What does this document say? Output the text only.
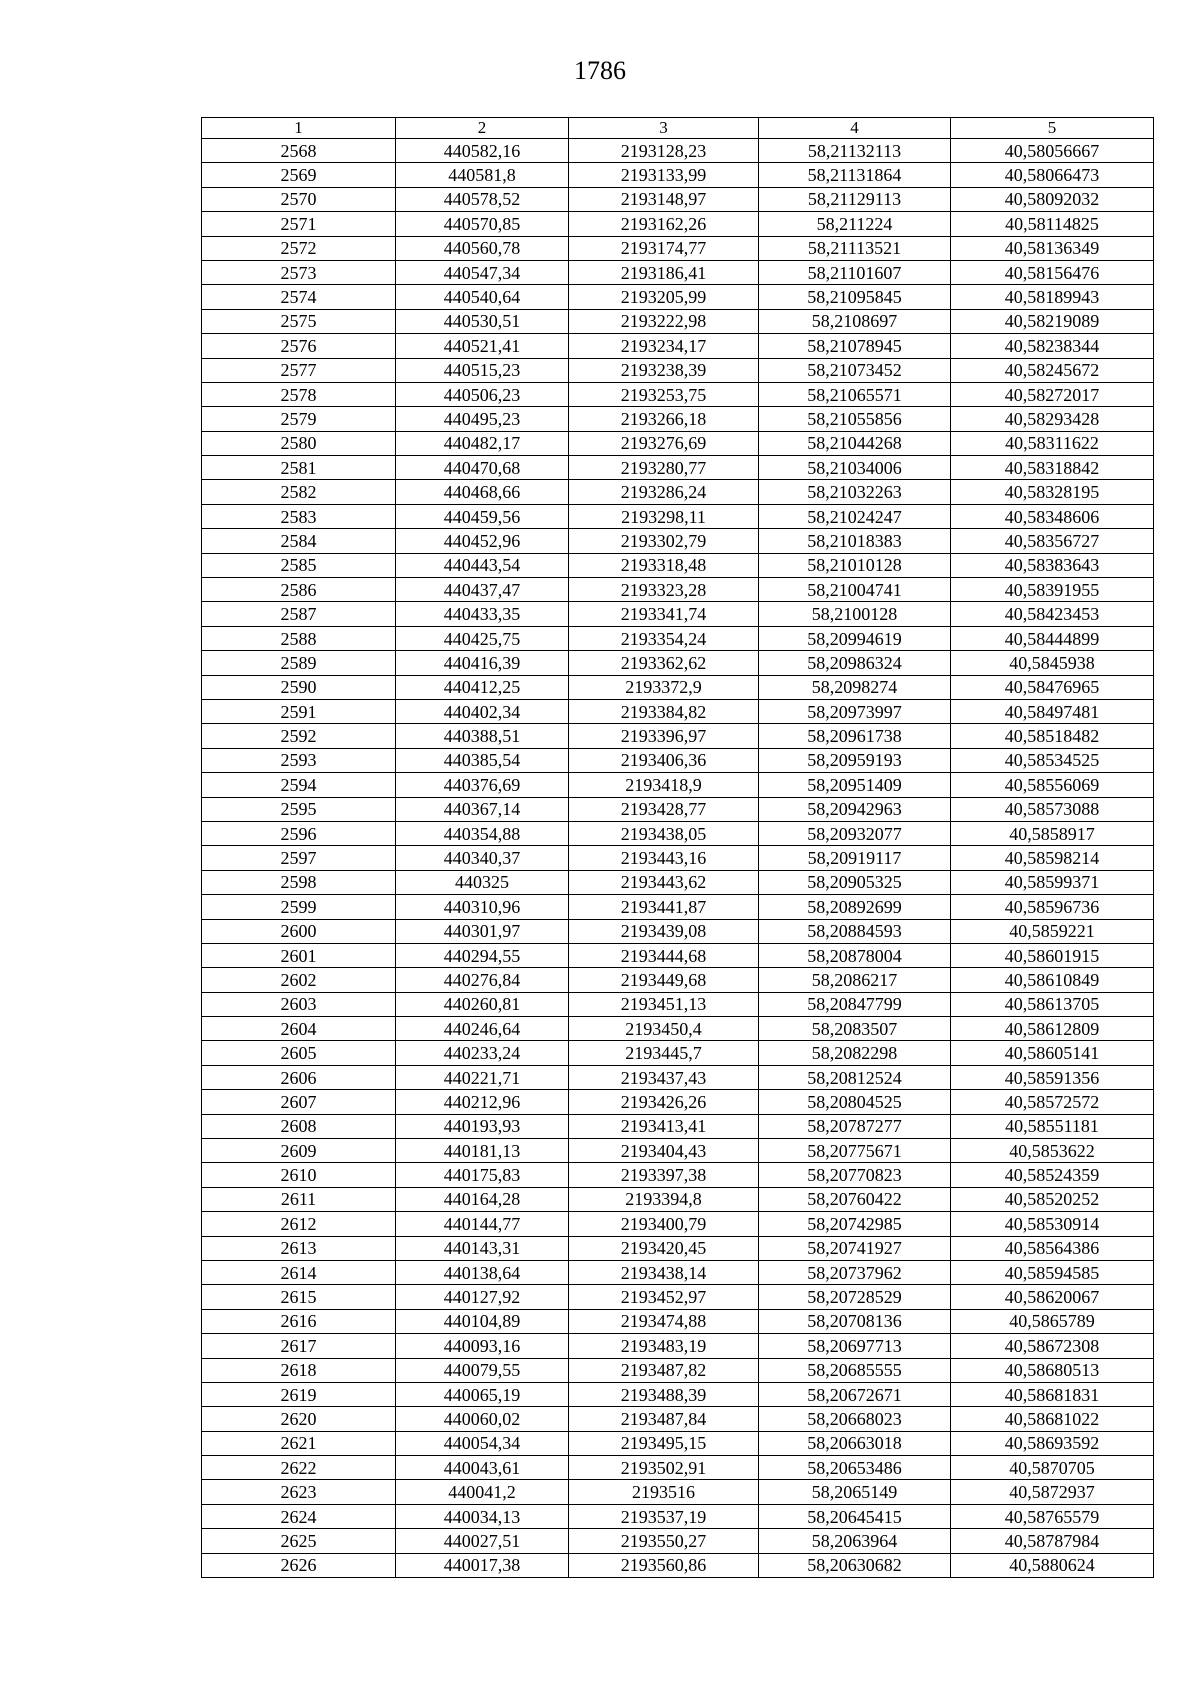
1786
1	2	3	4	5
2568	440582,16	2193128,23	58,21132113	40,58056667
2569	440581,8	2193133,99	58,21131864	40,58066473
2570	440578,52	2193148,97	58,21129113	40,58092032
2571	440570,85	2193162,26	58,211224	40,58114825
2572	440560,78	2193174,77	58,21113521	40,58136349
2573	440547,34	2193186,41	58,21101607	40,58156476
2574	440540,64	2193205,99	58,21095845	40,58189943
2575	440530,51	2193222,98	58,2108697	40,58219089
2576	440521,41	2193234,17	58,21078945	40,58238344
2577	440515,23	2193238,39	58,21073452	40,58245672
2578	440506,23	2193253,75	58,21065571	40,58272017
2579	440495,23	2193266,18	58,21055856	40,58293428
2580	440482,17	2193276,69	58,21044268	40,58311622
2581	440470,68	2193280,77	58,21034006	40,58318842
2582	440468,66	2193286,24	58,21032263	40,58328195
2583	440459,56	2193298,11	58,21024247	40,58348606
2584	440452,96	2193302,79	58,21018383	40,58356727
2585	440443,54	2193318,48	58,21010128	40,58383643
2586	440437,47	2193323,28	58,21004741	40,58391955
2587	440433,35	2193341,74	58,2100128	40,58423453
2588	440425,75	2193354,24	58,20994619	40,58444899
2589	440416,39	2193362,62	58,20986324	40,5845938
2590	440412,25	2193372,9	58,2098274	40,58476965
2591	440402,34	2193384,82	58,20973997	40,58497481
2592	440388,51	2193396,97	58,20961738	40,58518482
2593	440385,54	2193406,36	58,20959193	40,58534525
2594	440376,69	2193418,9	58,20951409	40,58556069
2595	440367,14	2193428,77	58,20942963	40,58573088
2596	440354,88	2193438,05	58,20932077	40,5858917
2597	440340,37	2193443,16	58,20919117	40,58598214
2598	440325	2193443,62	58,20905325	40,58599371
2599	440310,96	2193441,87	58,20892699	40,58596736
2600	440301,97	2193439,08	58,20884593	40,5859221
2601	440294,55	2193444,68	58,20878004	40,58601915
2602	440276,84	2193449,68	58,2086217	40,58610849
2603	440260,81	2193451,13	58,20847799	40,58613705
2604	440246,64	2193450,4	58,2083507	40,58612809
2605	440233,24	2193445,7	58,2082298	40,58605141
2606	440221,71	2193437,43	58,20812524	40,58591356
2607	440212,96	2193426,26	58,20804525	40,58572572
2608	440193,93	2193413,41	58,20787277	40,58551181
2609	440181,13	2193404,43	58,20775671	40,5853622
2610	440175,83	2193397,38	58,20770823	40,58524359
2611	440164,28	2193394,8	58,20760422	40,58520252
2612	440144,77	2193400,79	58,20742985	40,58530914
2613	440143,31	2193420,45	58,20741927	40,58564386
2614	440138,64	2193438,14	58,20737962	40,58594585
2615	440127,92	2193452,97	58,20728529	40,58620067
2616	440104,89	2193474,88	58,20708136	40,5865789
2617	440093,16	2193483,19	58,20697713	40,58672308
2618	440079,55	2193487,82	58,20685555	40,58680513
2619	440065,19	2193488,39	58,20672671	40,58681831
2620	440060,02	2193487,84	58,20668023	40,58681022
2621	440054,34	2193495,15	58,20663018	40,58693592
2622	440043,61	2193502,91	58,20653486	40,5870705
2623	440041,2	2193516	58,2065149	40,5872937
2624	440034,13	2193537,19	58,20645415	40,58765579
2625	440027,51	2193550,27	58,2063964	40,58787984
2626	440017,38	2193560,86	58,20630682	40,5880624
